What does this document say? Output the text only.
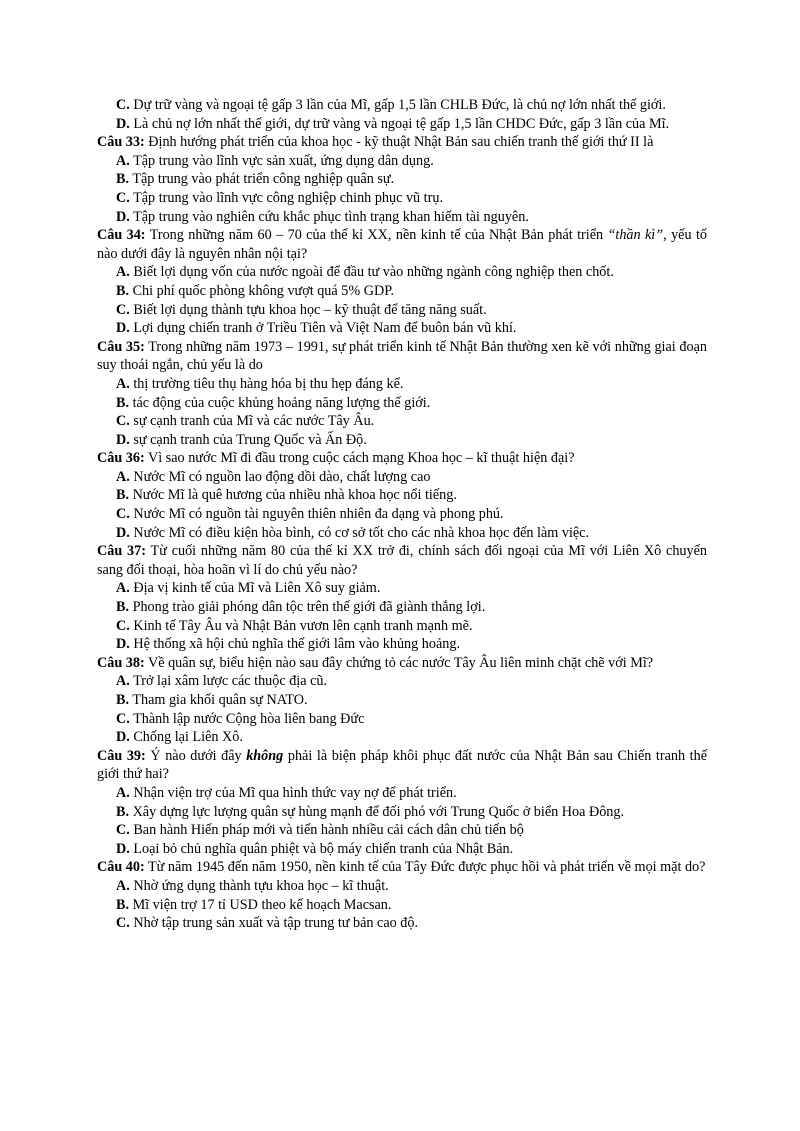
C. Dự trữ vàng và ngoại tệ gấp 3 lần của Mĩ, gấp 1,5 lần CHLB Đức, là chủ nợ lớn nhất thế giới.

D. Là chủ nợ lớn nhất thế giới, dự trữ vàng và ngoại tệ gấp 1,5 lần CHDC Đức, gấp 3 lần của Mĩ.

Câu 33: Định hướng phát triển của khoa học - kỹ thuật Nhật Bản sau chiến tranh thế giới thứ II là

A. Tập trung vào lĩnh vực sản xuất, ứng dụng dân dụng.

B. Tập trung vào phát triển công nghiệp quân sự.

C. Tập trung vào lĩnh vực công nghiệp chinh phục vũ trụ.

D. Tập trung vào nghiên cứu khắc phục tình trạng khan hiếm tài nguyên.

Câu 34: Trong những năm 60 – 70 của thế kỉ XX, nền kinh tế của Nhật Bản phát triển “thần kì”, yếu tố nào dưới đây là nguyên nhân nội tại?

A. Biết lợi dụng vốn của nước ngoài để đầu tư vào những ngành công nghiệp then chốt.

B. Chi phí quốc phòng không vượt quá 5% GDP.

C. Biết lợi dụng thành tựu khoa học – kỹ thuật để tăng năng suất.

D. Lợi dụng chiến tranh ở Triều Tiên và Việt Nam để buôn bán vũ khí.

Câu 35: Trong những năm 1973 – 1991, sự phát triển kinh tế Nhật Bản thường xen kẽ với những giai đoạn suy thoái ngắn, chủ yếu là do

A. thị trường tiêu thụ hàng hóa bị thu hẹp đáng kể.

B. tác động của cuộc khủng hoảng năng lượng thế giới.

C. sự cạnh tranh của Mĩ và các nước Tây Âu.

D. sự cạnh tranh của Trung Quốc và Ấn Độ.

Câu 36: Vì sao nước Mĩ đi đầu trong cuộc cách mạng Khoa học – kĩ thuật hiện đại?

A. Nước Mĩ có nguồn lao động dồi dào, chất lượng cao

B. Nước Mĩ là quê hương của nhiều nhà khoa học nổi tiếng.

C. Nước Mĩ có nguồn tài nguyên thiên nhiên đa dạng và phong phú.

D. Nước Mĩ có điều kiện hòa bình, có cơ sở tốt cho các nhà khoa học đến làm việc.

Câu 37: Từ cuối những năm 80 của thế kỉ XX trở đi, chính sách đối ngoại của Mĩ với Liên Xô chuyển sang đối thoại, hòa hoãn vì lí do chủ yếu nào?

A. Địa vị kinh tế của Mĩ và Liên Xô suy giảm.

B. Phong trào giải phóng dân tộc trên thế giới đã giành thắng lợi.

C. Kinh tế Tây Âu và Nhật Bản vươn lên cạnh tranh mạnh mẽ.

D. Hệ thống xã hội chủ nghĩa thế giới lâm vào khủng hoảng.

Câu 38: Về quân sự, biểu hiện nào sau đây chứng tỏ các nước Tây Âu liên minh chặt chẽ với Mĩ?

A. Trở lại xâm lược các thuộc địa cũ.

B. Tham gia khối quân sự NATO.

C. Thành lập nước Cộng hòa liên bang Đức

D. Chống lại Liên Xô.

Câu 39: Ý nào dưới đây không phải là biện pháp khôi phục đất nước của Nhật Bản sau Chiến tranh thế giới thứ hai?

A. Nhận viện trợ của Mĩ qua hình thức vay nợ để phát triển.

B. Xây dựng lực lượng quân sự hùng mạnh để đối phó với Trung Quốc ở biển Hoa Đông.

C. Ban hành Hiến pháp mới và tiến hành nhiều cải cách dân chủ tiến bộ

D. Loại bỏ chủ nghĩa quân phiệt và bộ máy chiến tranh của Nhật Bản.

Câu 40: Từ năm 1945 đến năm 1950, nền kinh tế của Tây Đức được phục hồi và phát triển về mọi mặt do?

A. Nhờ ứng dụng thành tựu khoa học – kĩ thuật.

B. Mĩ viện trợ 17 tỉ USD theo kế hoạch Macsan.

C. Nhờ tập trung sản xuất và tập trung tư bản cao độ.
